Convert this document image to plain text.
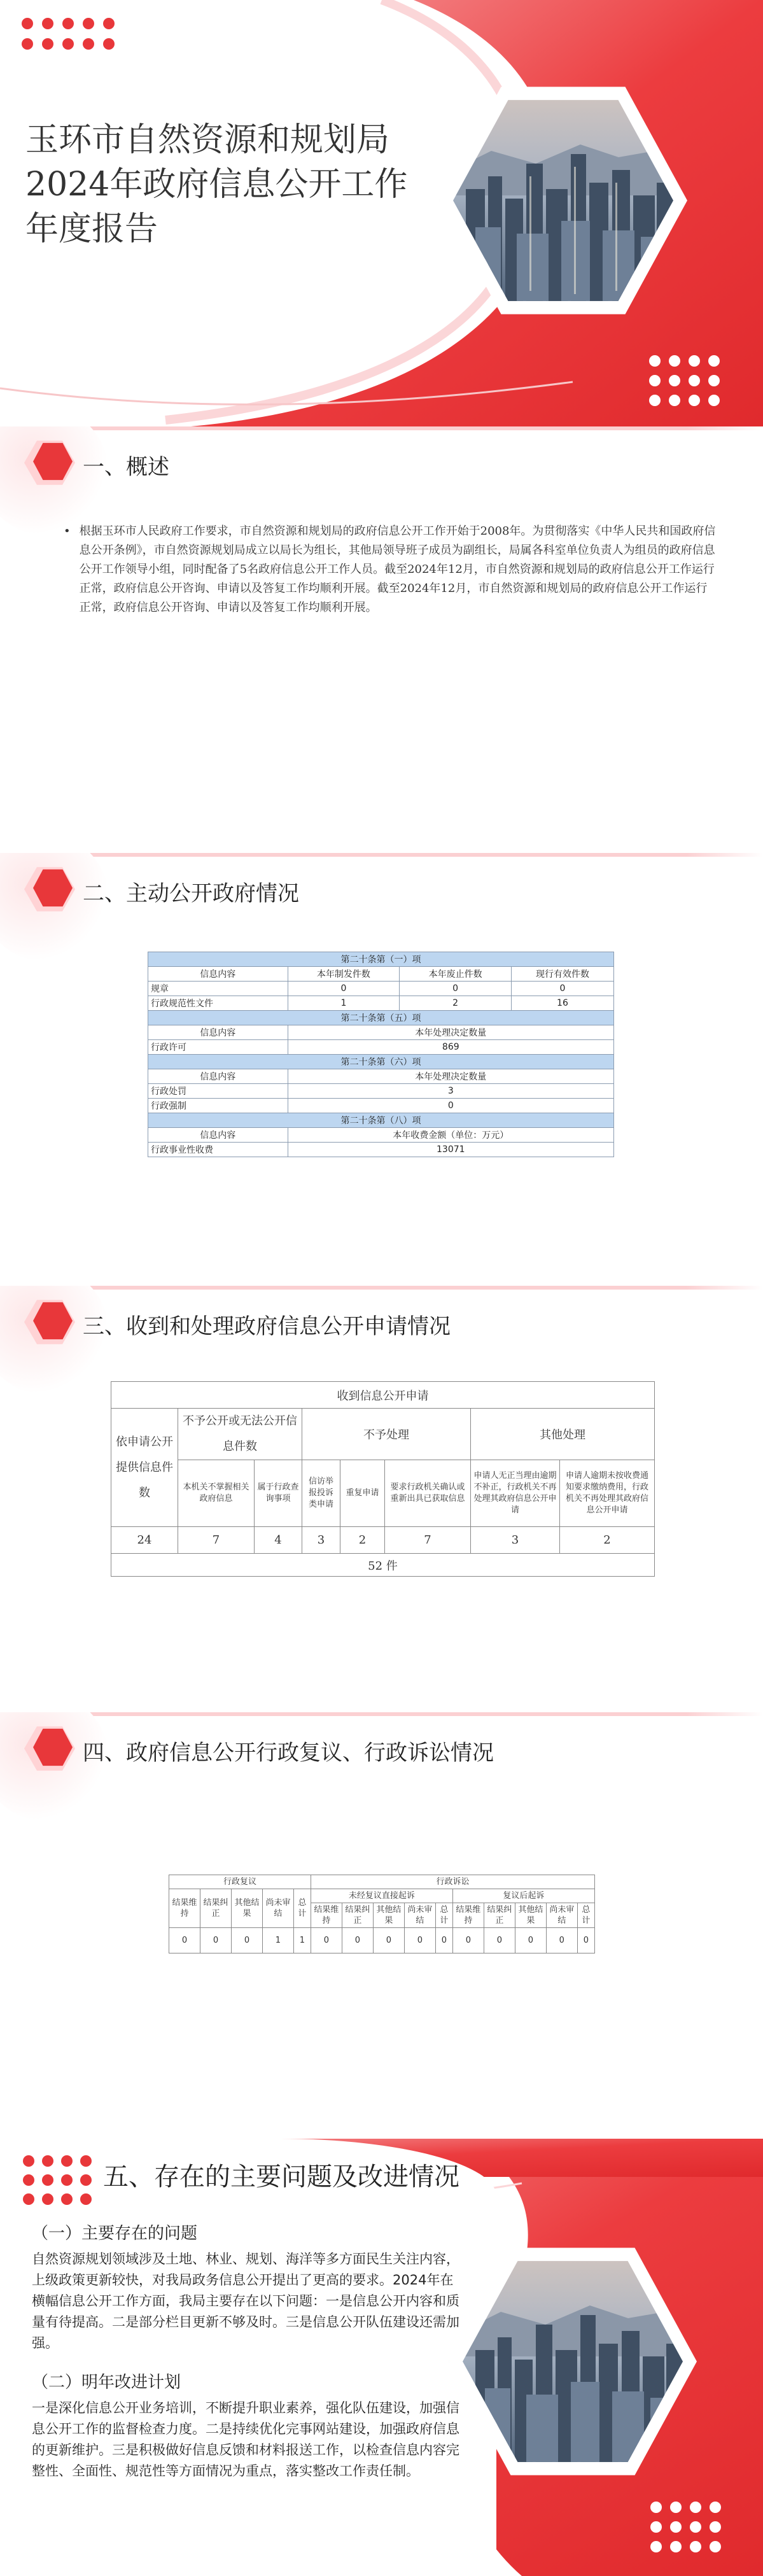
玉环市自然资源和规划局
2024年政府信息公开工作
年度报告
一、概述
• 根据玉环市人民政府工作要求，市自然资源和规划局的政府信息公开工作开始于2008年。为贯彻落实《中华人民共和国政府信息公开条例》，市自然资源规划局成立以局长为组长，其他局领导班子成员为副组长，局属各科室单位负责人为组员的政府信息公开工作领导小组，同时配备了5名政府信息公开工作人员。截至2024年12月，市自然资源和规划局的政府信息公开工作运行正常，政府信息公开咨询、申请以及答复工作均顺利开展。截至2024年12月，市自然资源和规划局的政府信息公开工作运行正常，政府信息公开咨询、申请以及答复工作均顺利开展。

二、主动公开政府情况
第二十条第（一）项			
信息内容	本年制发件数	本年废止件数	现行有效件数
规章	0	0	0
行政规范性文件	1	2	16
第二十条第（五）项			
信息内容	本年处理决定数量		
行政许可	869		
第二十条第（六）项			
信息内容	本年处理决定数量		
行政处罚	3		
行政强制	0		
第二十条第（八）项			
信息内容	本年收费金额（单位：万元）		
行政事业性收费	13071		
三、收到和处理政府信息公开申请情况
收到信息公开申请							
依申请公开提供信息件数	不予公开或无法公开信息件数		不予处理			其他处理	
	本机关不掌握相关政府信息	属于行政查询事项	信访举报投诉类申请	重复申请	要求行政机关确认或重新出具已获取信息	申请人无正当理由逾期不补正，行政机关不再处理其政府信息公开申请	申请人逾期未按收费通知要求缴纳费用，行政机关不再处理其政府信息公开申请
24	7	4	3	2	7	3	2
52 件							
四、政府信息公开行政复议、行政诉讼情况
行政复议					行政诉讼									
结果维持	结果纠正	其他结果	尚未审结	总计	未经复议直接起诉					复议后起诉				
					结果维持	结果纠正	其他结果	尚未审结	总计	结果维持	结果纠正	其他结果	尚未审结	总计
0	0	0	1	1	0	0	0	0	0	0	0	0	0	0
五、存在的主要问题及改进情况
（一）主要存在的问题

自然资源规划领域涉及土地、林业、规划、海洋等多方面民生关注内容，上级政策更新较快，对我局政务信息公开提出了更高的要求。2024年在横幅信息公开工作方面，我局主要存在以下问题：一是信息公开内容和质量有待提高。二是部分栏目更新不够及时。三是信息公开队伍建设还需加强。

（二）明年改进计划

一是深化信息公开业务培训，不断提升职业素养，强化队伍建设，加强信息公开工作的监督检查力度。二是持续优化完事网站建设，加强政府信息的更新维护。三是积极做好信息反馈和材料报送工作，以检查信息内容完整性、全面性、规范性等方面情况为重点，落实整改工作责任制。
